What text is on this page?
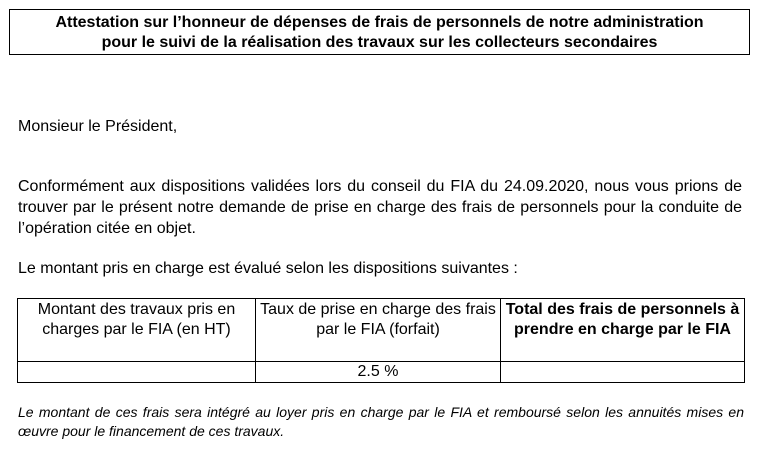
Attestation sur l’honneur de dépenses de frais de personnels de notre administration
pour le suivi de la réalisation des travaux sur les collecteurs secondaires
Monsieur le Président,
Conformément aux dispositions validées lors du conseil du FIA du 24.09.2020, nous vous prions de trouver par le présent notre demande de prise en charge des frais de personnels pour la conduite de l’opération citée en objet.
Le montant pris en charge est évalué selon les dispositions suivantes :
Montant des travaux pris en charges par le FIA (en HT)	Taux de prise en charge des frais par le FIA (forfait)	Total des frais de personnels à prendre en charge par le FIA
	2.5 %	
Le montant de ces frais sera intégré au loyer pris en charge par le FIA et remboursé selon les annuités mises en œuvre pour le financement de ces travaux.
